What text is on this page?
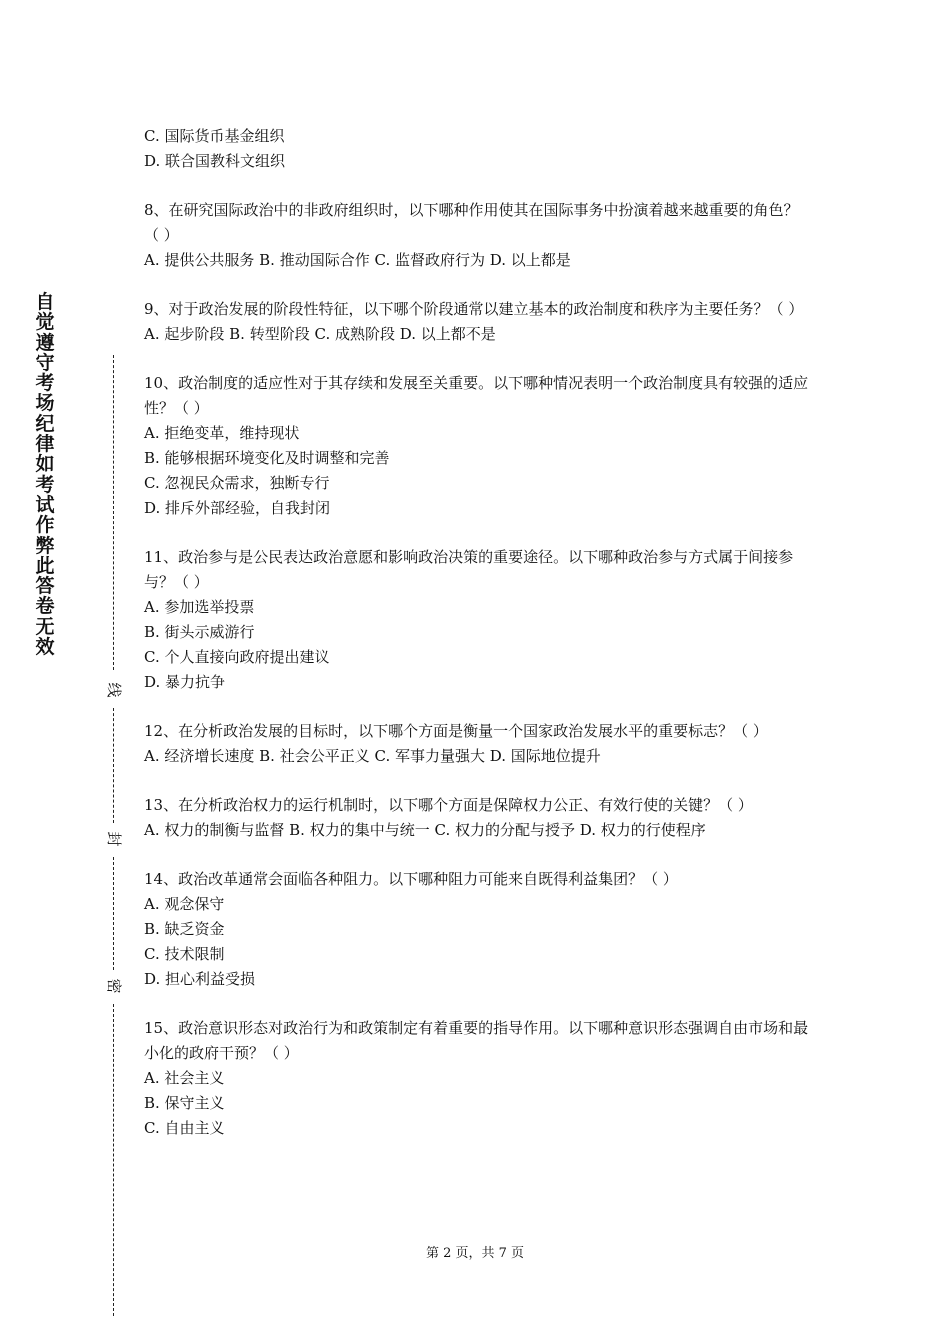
自觉遵守考场纪律如考试作弊此答卷无效
线
封
密
C. 国际货币基金组织
D. 联合国教科文组织
8、在研究国际政治中的非政府组织时，以下哪种作用使其在国际事务中扮演着越来越重要的角色？（ ）
A. 提供公共服务 B. 推动国际合作 C. 监督政府行为 D. 以上都是
9、对于政治发展的阶段性特征，以下哪个阶段通常以建立基本的政治制度和秩序为主要任务？（ ）
A. 起步阶段 B. 转型阶段 C. 成熟阶段 D. 以上都不是
10、政治制度的适应性对于其存续和发展至关重要。以下哪种情况表明一个政治制度具有较强的适应性？（ ）
A. 拒绝变革，维持现状
B. 能够根据环境变化及时调整和完善
C. 忽视民众需求，独断专行
D. 排斥外部经验，自我封闭
11、政治参与是公民表达政治意愿和影响政治决策的重要途径。以下哪种政治参与方式属于间接参与？（ ）
A. 参加选举投票
B. 街头示威游行
C. 个人直接向政府提出建议
D. 暴力抗争
12、在分析政治发展的目标时，以下哪个方面是衡量一个国家政治发展水平的重要标志？（ ）
A. 经济增长速度 B. 社会公平正义 C. 军事力量强大 D. 国际地位提升
13、在分析政治权力的运行机制时，以下哪个方面是保障权力公正、有效行使的关键？（ ）
A. 权力的制衡与监督 B. 权力的集中与统一 C. 权力的分配与授予 D. 权力的行使程序
14、政治改革通常会面临各种阻力。以下哪种阻力可能来自既得利益集团？（ ）
A. 观念保守
B. 缺乏资金
C. 技术限制
D. 担心利益受损
15、政治意识形态对政治行为和政策制定有着重要的指导作用。以下哪种意识形态强调自由市场和最小化的政府干预？（ ）
A. 社会主义
B. 保守主义
C. 自由主义
第 2 页，共 7 页
